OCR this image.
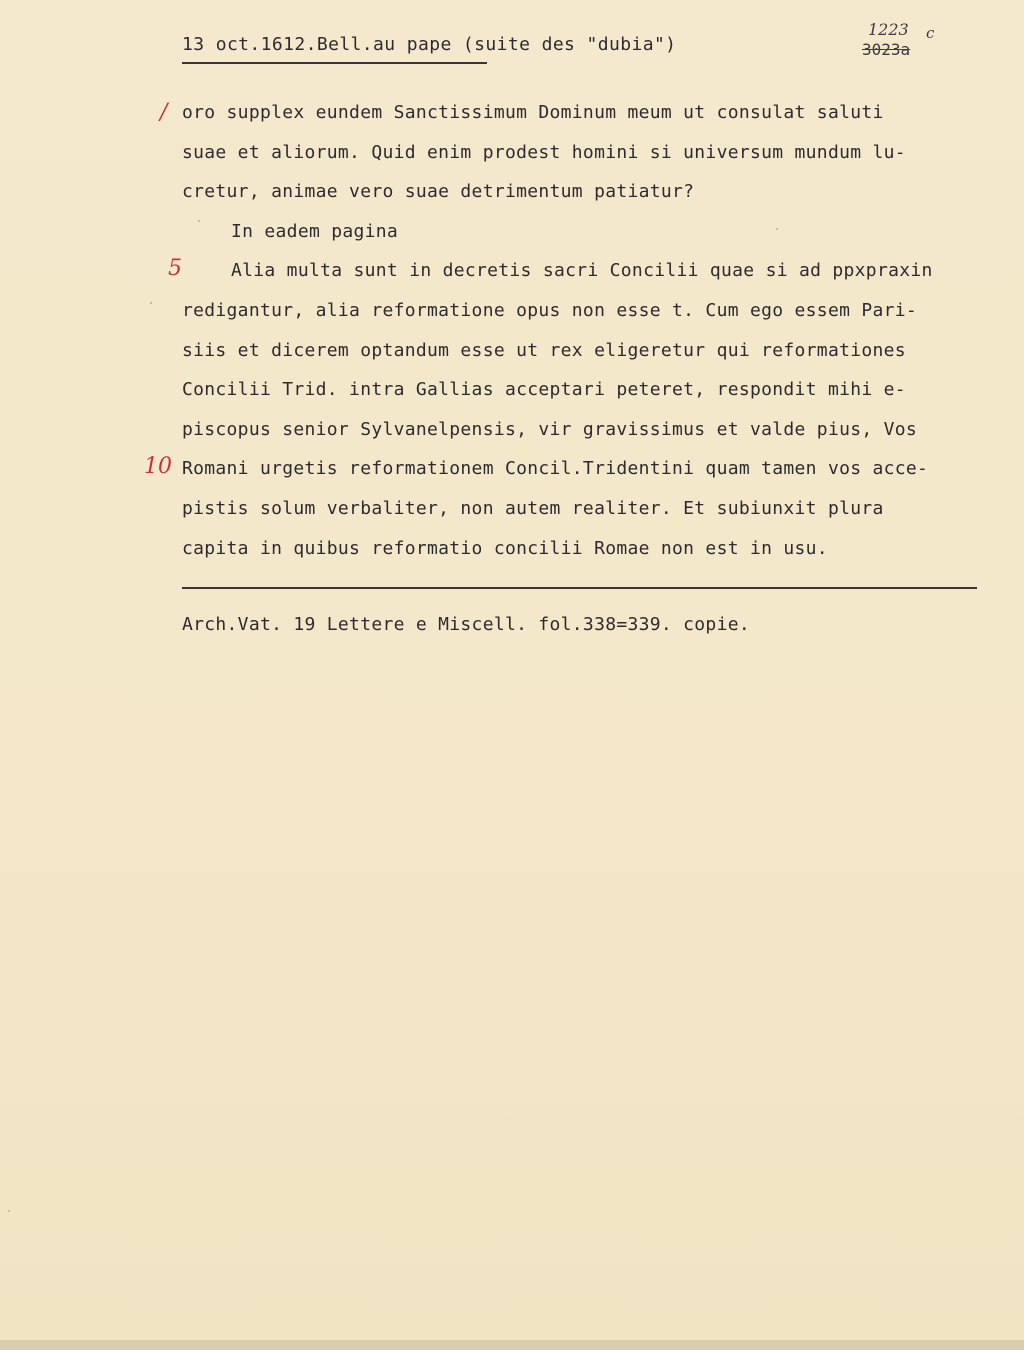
13 oct.1612.Bell.au pape (suite des "dubia")
1223 c
3023a
/
5
10
oro supplex eundem Sanctissimum Dominum meum ut consulat saluti
suae et aliorum. Quid enim prodest homini si universum mundum lu-
cretur, animae vero suae detrimentum patiatur?
In eadem pagina
Alia multa sunt in decretis sacri Concilii quae si ad ppxpraxin
redigantur, alia reformatione opus non esse t. Cum ego essem Pari-
siis et dicerem optandum esse ut rex eligeretur qui reformationes
Concilii Trid. intra Gallias acceptari peteret, respondit mihi e-
piscopus senior Sylvanelpensis, vir gravissimus et valde pius, Vos
Romani urgetis reformationem Concil.Tridentini quam tamen vos acce-
pistis solum verbaliter, non autem realiter. Et subiunxit plura
capita in quibus reformatio concilii Romae non est in usu.
Arch.Vat. 19 Lettere e Miscell. fol.338=339. copie.
